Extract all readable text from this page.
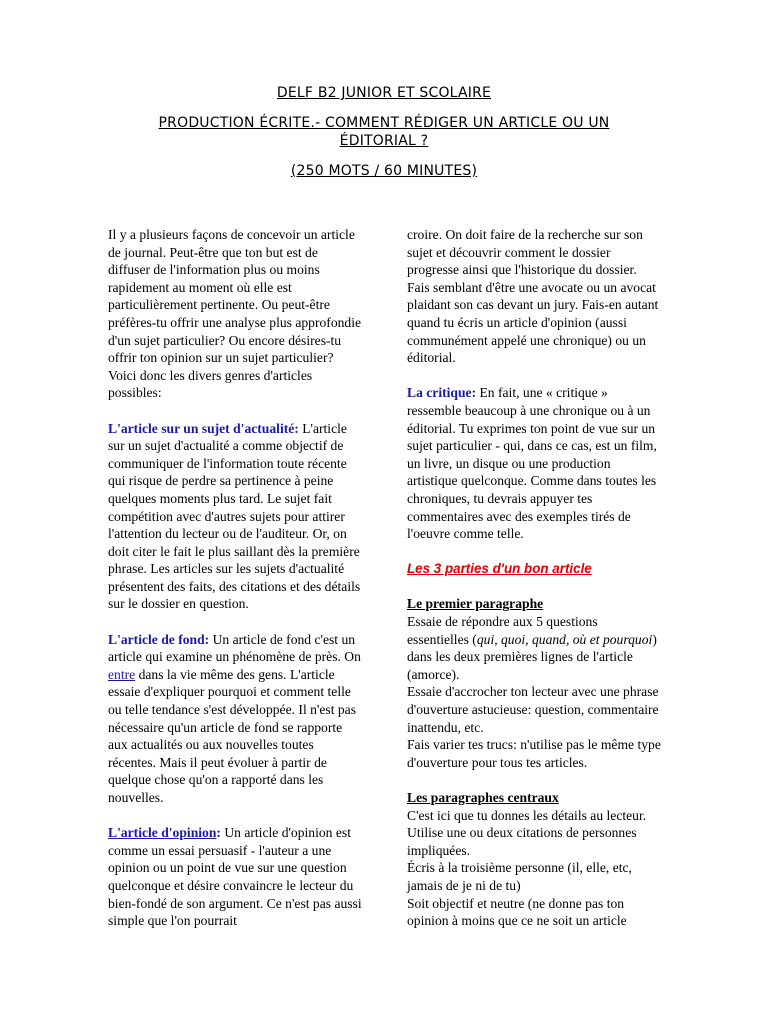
DELF B2 JUNIOR ET SCOLAIRE
PRODUCTION ÉCRITE.- COMMENT RÉDIGER UN ARTICLE OU UN
ÉDITORIAL ?
(250 MOTS / 60 MINUTES)

Il y a plusieurs façons de concevoir un article de journal. Peut-être que ton but est de diffuser de l'information plus ou moins rapidement au moment où elle est particulièrement pertinente. Ou peut-être préfères-tu offrir une analyse plus approfondie d'un sujet particulier? Ou encore désires-tu offrir ton opinion sur un sujet particulier? Voici donc les divers genres d'articles possibles:

L'article sur un sujet d'actualité: L'article sur un sujet d'actualité a comme objectif de communiquer de l'information toute récente qui risque de perdre sa pertinence à peine quelques moments plus tard. Le sujet fait compétition avec d'autres sujets pour attirer l'attention du lecteur ou de l'auditeur. Or, on doit citer le fait le plus saillant dès la première phrase. Les articles sur les sujets d'actualité présentent des faits, des citations et des détails sur le dossier en question.

L'article de fond: Un article de fond c'est un article qui examine un phénomène de près. On entre dans la vie même des gens. L'article essaie d'expliquer pourquoi et comment telle ou telle tendance s'est développée. Il n'est pas nécessaire qu'un article de fond se rapporte aux actualités ou aux nouvelles toutes récentes. Mais il peut évoluer à partir de quelque chose qu'on a rapporté dans les nouvelles.

L'article d'opinion: Un article d'opinion est comme un essai persuasif - l'auteur a une opinion ou un point de vue sur une question quelconque et désire convaincre le lecteur du bien-fondé de son argument. Ce n'est pas aussi simple que l'on pourrait

croire. On doit faire de la recherche sur son sujet et découvrir comment le dossier progresse ainsi que l'historique du dossier. Fais semblant d'être une avocate ou un avocat plaidant son cas devant un jury. Fais-en autant quand tu écris un article d'opinion (aussi communément appelé une chronique) ou un éditorial.

La critique: En fait, une « critique » ressemble beaucoup à une chronique ou à un éditorial. Tu exprimes ton point de vue sur un sujet particulier - qui, dans ce cas, est un film, un livre, un disque ou une production artistique quelconque. Comme dans toutes les chroniques, tu devrais appuyer tes commentaires avec des exemples tirés de l'oeuvre comme telle.

Les 3 parties d'un bon article

Le premier paragraphe

Essaie de répondre aux 5 questions essentielles (qui, quoi, quand, où et pourquoi) dans les deux premières lignes de l'article (amorce).

Essaie d'accrocher ton lecteur avec une phrase d'ouverture astucieuse: question, commentaire inattendu, etc.

Fais varier tes trucs: n'utilise pas le même type d'ouverture pour tous tes articles.

Les paragraphes centraux

C'est ici que tu donnes les détails au lecteur.

Utilise une ou deux citations de personnes impliquées.

Écris à la troisième personne (il, elle, etc, jamais de je ni de tu)

Soit objectif et neutre (ne donne pas ton opinion à moins que ce ne soit un article
